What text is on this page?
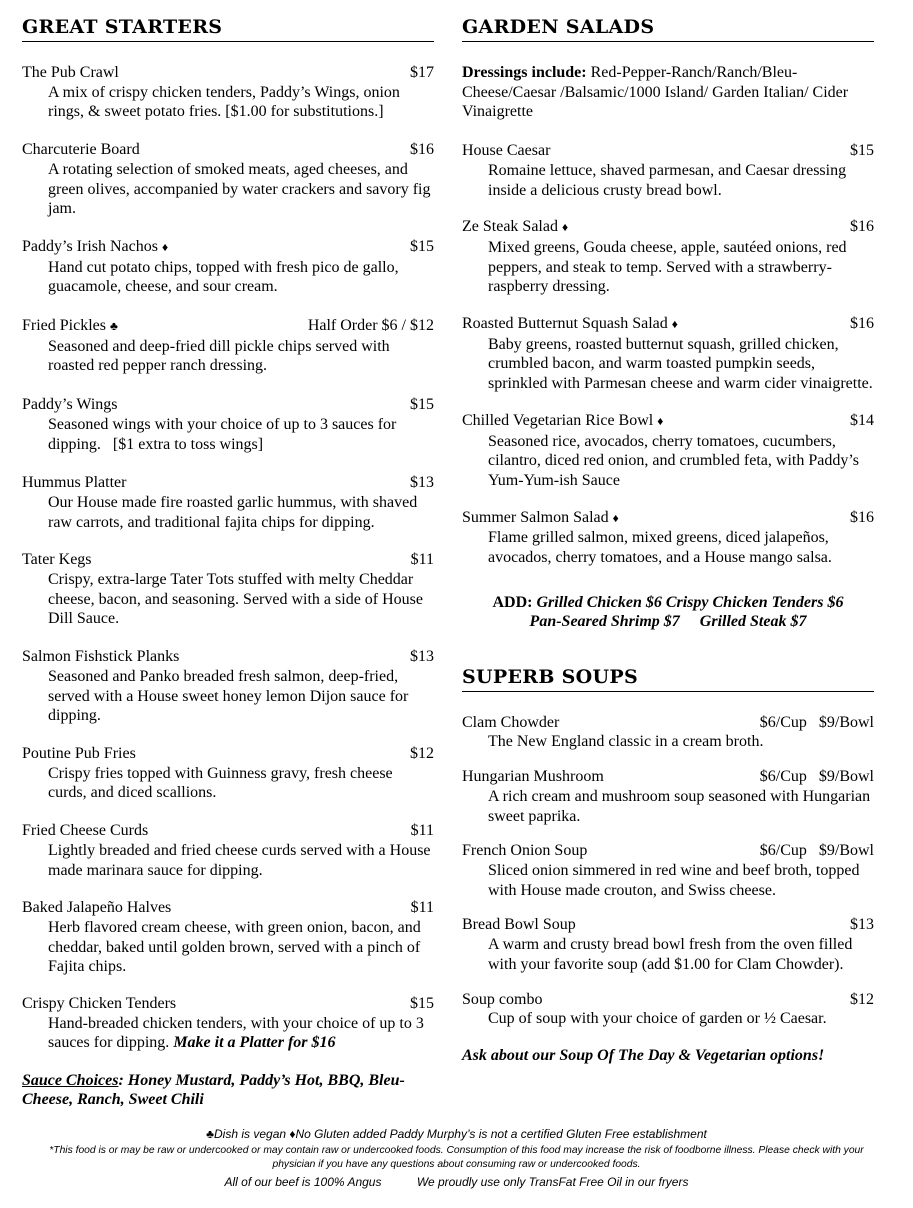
GREAT STARTERS
The Pub Crawl	$17
A mix of crispy chicken tenders, Paddy’s Wings, onion rings, & sweet potato fries. [$1.00 for substitutions.]
Charcuterie Board	$16
A rotating selection of smoked meats, aged cheeses, and green olives, accompanied by water crackers and savory fig jam.
Paddy’s Irish Nachos ♦	$15
Hand cut potato chips, topped with fresh pico de gallo, guacamole, cheese, and sour cream.
Fried Pickles ♣	Half Order $6 / $12
Seasoned and deep-fried dill pickle chips served with roasted red pepper ranch dressing.
Paddy’s Wings	$15
Seasoned wings with your choice of up to 3 sauces for dipping.   [$1 extra to toss wings]
Hummus Platter	$13
Our House made fire roasted garlic hummus, with shaved raw carrots, and traditional fajita chips for dipping.
Tater Kegs	$11
Crispy, extra-large Tater Tots stuffed with melty Cheddar cheese, bacon, and seasoning. Served with a side of House Dill Sauce.
Salmon Fishstick Planks	$13
Seasoned and Panko breaded fresh salmon, deep-fried, served with a House sweet honey lemon Dijon sauce for dipping.
Poutine Pub Fries	$12
Crispy fries topped with Guinness gravy, fresh cheese curds, and diced scallions.
Fried Cheese Curds	$11
Lightly breaded and fried cheese curds served with a House made marinara sauce for dipping.
Baked Jalapeño Halves	$11
Herb flavored cream cheese, with green onion, bacon, and cheddar, baked until golden brown, served with a pinch of Fajita chips.
Crispy Chicken Tenders	$15
Hand-breaded chicken tenders, with your choice of up to 3 sauces for dipping. Make it a Platter for $16
Sauce Choices: Honey Mustard, Paddy’s Hot, BBQ, Bleu-Cheese, Ranch, Sweet Chili
GARDEN SALADS
Dressings include: Red-Pepper-Ranch/Ranch/Bleu-Cheese/Caesar /Balsamic/1000 Island/ Garden Italian/ Cider Vinaigrette
House Caesar	$15
Romaine lettuce, shaved parmesan, and Caesar dressing inside a delicious crusty bread bowl.
Ze Steak Salad ♦	$16
Mixed greens, Gouda cheese, apple, sautéed onions, red peppers, and steak to temp. Served with a strawberry-raspberry dressing.
Roasted Butternut Squash Salad ♦	$16
Baby greens, roasted butternut squash, grilled chicken, crumbled bacon, and warm toasted pumpkin seeds, sprinkled with Parmesan cheese and warm cider vinaigrette.
Chilled Vegetarian Rice Bowl ♦	$14
Seasoned rice, avocados, cherry tomatoes, cucumbers, cilantro, diced red onion, and crumbled feta, with Paddy’s Yum-Yum-ish Sauce
Summer Salmon Salad ♦	$16
Flame grilled salmon, mixed greens, diced jalapeños, avocados, cherry tomatoes, and a House mango salsa.
ADD: Grilled Chicken $6 Crispy Chicken Tenders $6
Pan-Seared Shrimp $7     Grilled Steak $7
SUPERB SOUPS
Clam Chowder	$6/Cup   $9/Bowl
The New England classic in a cream broth.
Hungarian Mushroom	$6/Cup   $9/Bowl
A rich cream and mushroom soup seasoned with Hungarian sweet paprika.
French Onion Soup	$6/Cup   $9/Bowl
Sliced onion simmered in red wine and beef broth, topped with House made crouton, and Swiss cheese.
Bread Bowl Soup	$13
A warm and crusty bread bowl fresh from the oven filled with your favorite soup (add $1.00 for Clam Chowder).
Soup combo	$12
Cup of soup with your choice of garden or ½ Caesar.
Ask about our Soup Of The Day & Vegetarian options!
♣Dish is vegan ♦No Gluten added Paddy Murphy’s is not a certified Gluten Free establishment
*This food is or may be raw or undercooked or may contain raw or undercooked foods. Consumption of this food may increase the risk of foodborne illness. Please check with your physician if you have any questions about consuming raw or undercooked foods.
All of our beef is 100% Angus	We proudly use only TransFat Free Oil in our fryers
